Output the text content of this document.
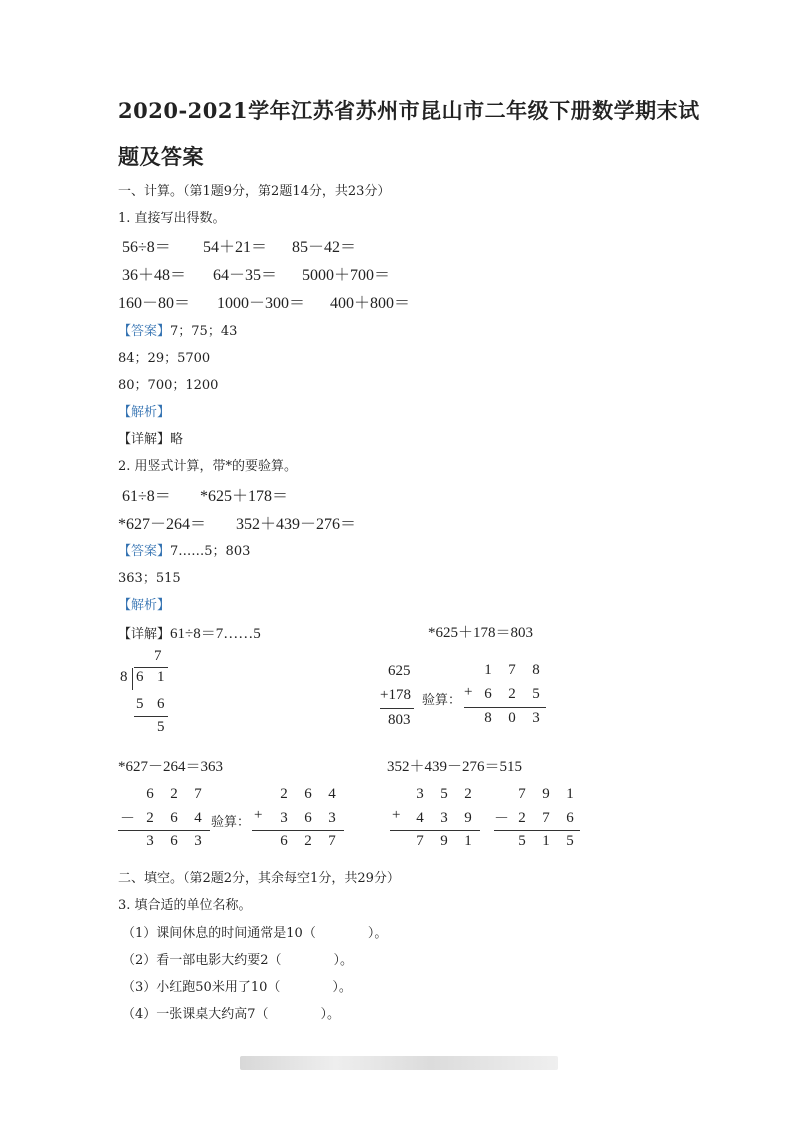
2020-2021学年江苏省苏州市昆山市二年级下册数学期末试
题及答案
一、计算。（第1题9分，第2题14分，共23分）
1. 直接写出得数。
56÷8＝ 54＋21＝ 85－42＝
36＋48＝ 64－35＝ 5000＋700＝
160－80＝ 1000－300＝ 400＋800＝
【答案】7；75；43
84；29；5700
80；700；1200
【解析】
【详解】略
2. 用竖式计算，带*的要验算。
61÷8＝ *625＋178＝
*627－264＝ 352＋439－276＝
【答案】7……5；803
363；515
【解析】
【详解】61÷8＝7……5	*625＋178＝803
7
8 6 1
5 6
5
625
+178
803
验算：
1	7	8
+ 6	2	5
8	0	3
*627－264＝363	352＋439－276＝515
6	2	7
－ 2	6	4
3	6	3
验算：
2	6	4
+	3	6	3
6	2	7
3	5	2
+	4	3	9
7	9	1
7	9	1
－ 2	7	6
5	1	5
二、填空。（第2题2分，其余每空1分，共29分）
3. 填合适的单位名称。
（1）课间休息的时间通常是10（　　　　）。
（2）看一部电影大约要2（　　　　）。
（3）小红跑50米用了10（　　　　）。
（4）一张课桌大约高7（　　　　）。
